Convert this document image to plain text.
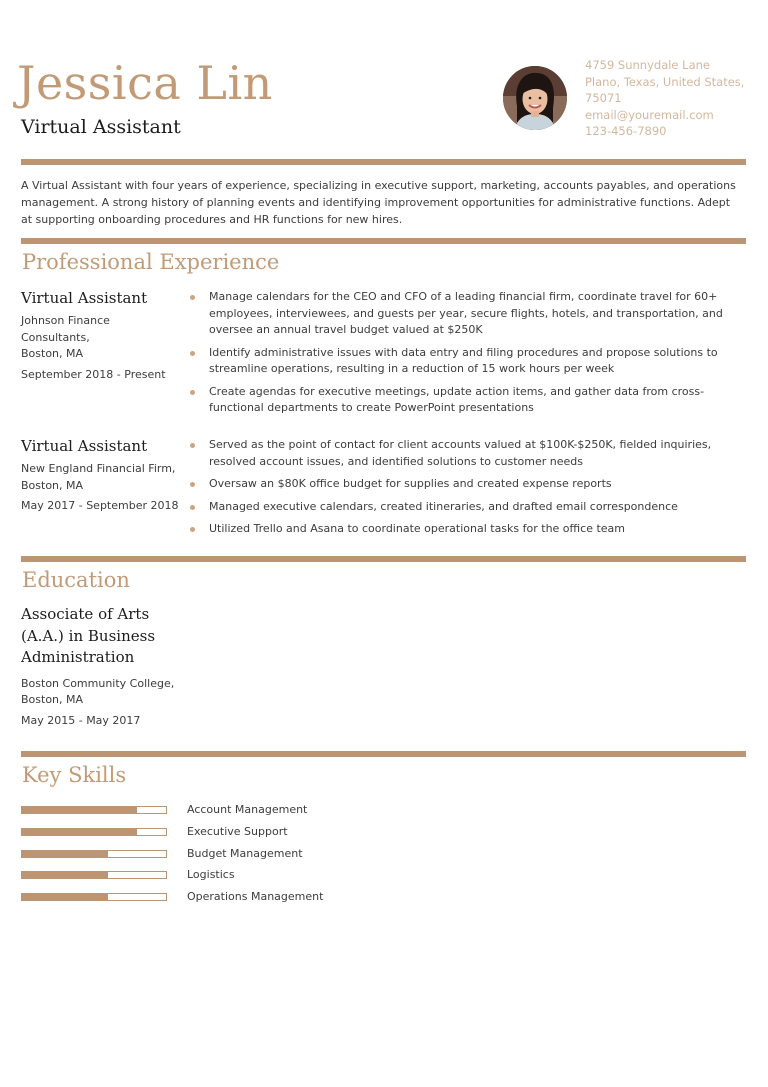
Jessica Lin
Virtual Assistant
4759 Sunnydale Lane
Plano, Texas, United States,
75071
email@youremail.com
123-456-7890
A Virtual Assistant with four years of experience, specializing in executive support, marketing, accounts payables, and operations management. A strong history of planning events and identifying improvement opportunities for administrative functions. Adept at supporting onboarding procedures and HR functions for new hires.
Professional Experience
Virtual Assistant
Johnson Finance Consultants,
Boston, MA
September 2018 - Present
Manage calendars for the CEO and CFO of a leading financial firm, coordinate travel for 60+ employees, interviewees, and guests per year, secure flights, hotels, and transportation, and oversee an annual travel budget valued at $250K
Identify administrative issues with data entry and filing procedures and propose solutions to streamline operations, resulting in a reduction of 15 work hours per week
Create agendas for executive meetings, update action items, and gather data from cross-functional departments to create PowerPoint presentations
Virtual Assistant
New England Financial Firm,
Boston, MA
May 2017 - September 2018
Served as the point of contact for client accounts valued at $100K-$250K, fielded inquiries, resolved account issues, and identified solutions to customer needs
Oversaw an $80K office budget for supplies and created expense reports
Managed executive calendars, created itineraries, and drafted email correspondence
Utilized Trello and Asana to coordinate operational tasks for the office team
Education
Associate of Arts
(A.A.) in Business
Administration
Boston Community College,
Boston, MA
May 2015 - May 2017
Key Skills
Account Management
Executive Support
Budget Management
Logistics
Operations Management
